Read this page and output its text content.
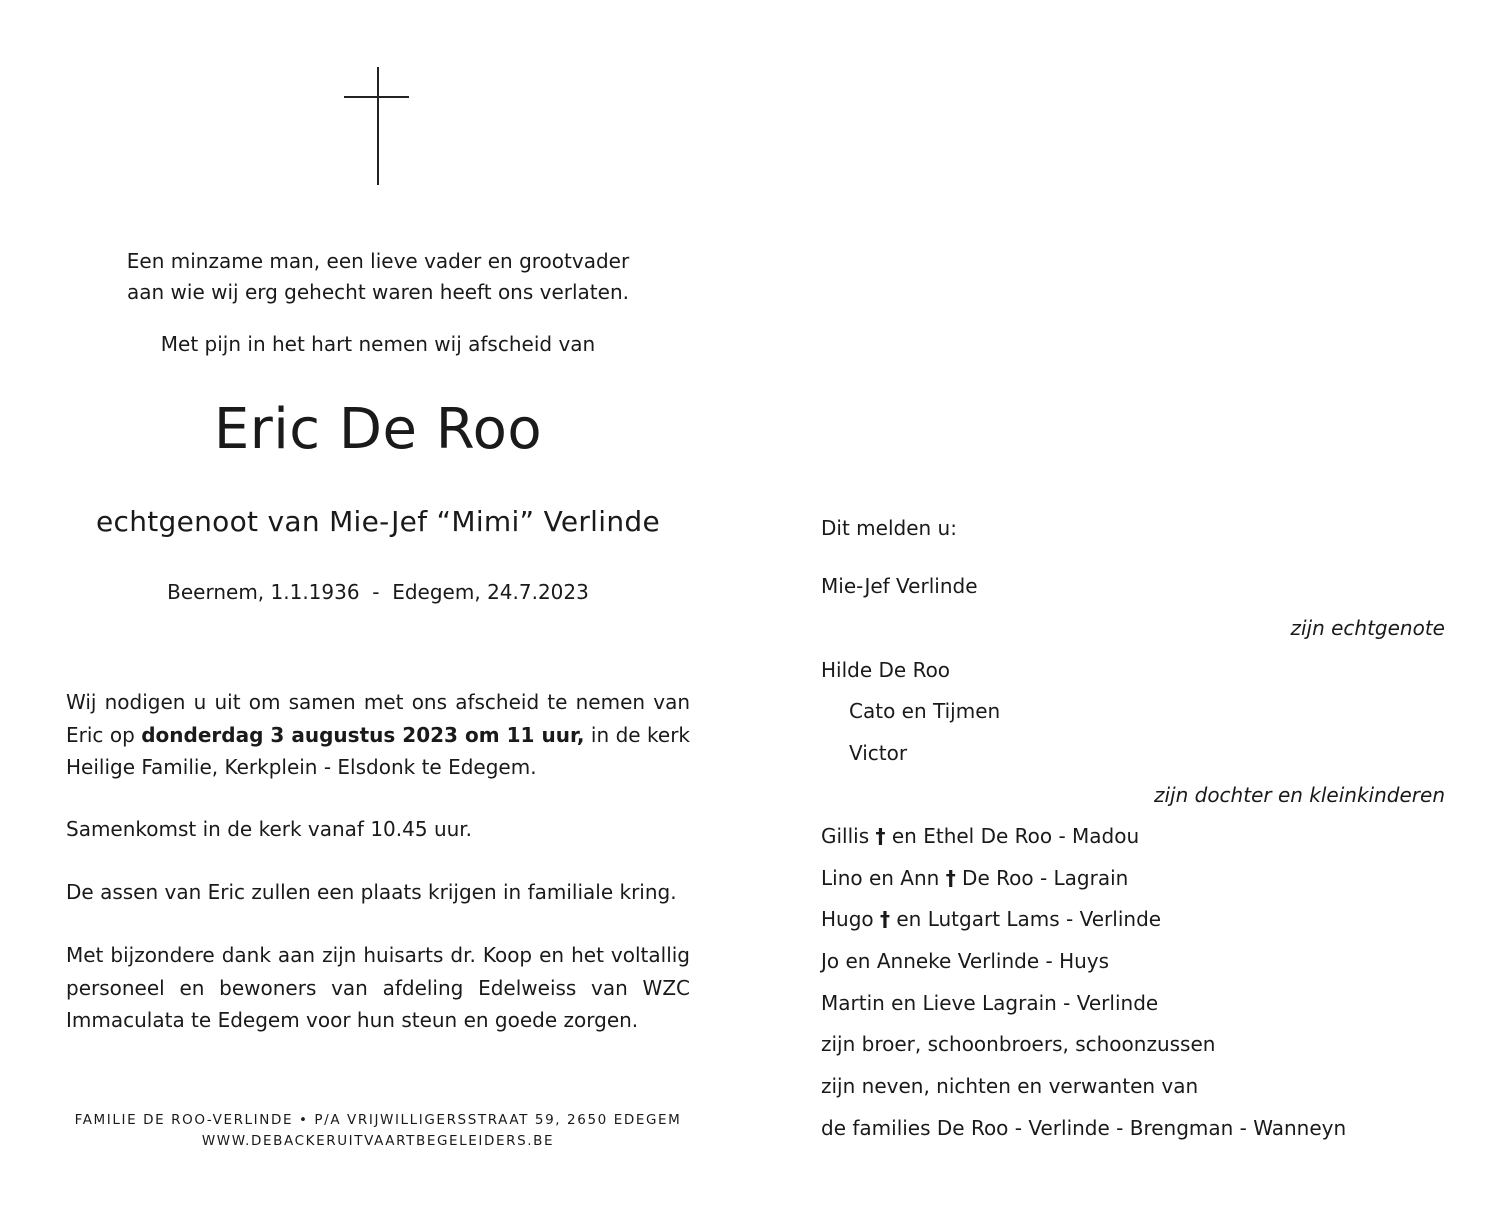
Een minzame man, een lieve vader en grootvader
aan wie wij erg gehecht waren heeft ons verlaten.
Met pijn in het hart nemen wij afscheid van
Eric De Roo
echtgenoot van Mie-Jef “Mimi” Verlinde
Beernem, 1.1.1936  -  Edegem, 24.7.2023
Wij nodigen u uit om samen met ons afscheid te nemen van Eric op donderdag 3 augustus 2023 om 11 uur, in de kerk Heilige Familie, Kerkplein - Elsdonk te Edegem.
Samenkomst in de kerk vanaf 10.45 uur.
De assen van Eric zullen een plaats krijgen in familiale kring.
Met bijzondere dank aan zijn huisarts dr. Koop en het voltallig personeel en bewoners van afdeling Edelweiss van WZC Immaculata te Edegem voor hun steun en goede zorgen.
FAMILIE DE ROO-VERLINDE • P/A VRIJWILLIGERSSTRAAT 59, 2650 EDEGEM
WWW.DEBACKERUITVAARTBEGELEIDERS.BE
Dit melden u:
Mie-Jef Verlinde
zijn echtgenote
Hilde De Roo
Cato en Tijmen
Victor
zijn dochter en kleinkinderen
Gillis † en Ethel De Roo - Madou
Lino en Ann † De Roo - Lagrain
Hugo † en Lutgart Lams - Verlinde
Jo en Anneke Verlinde - Huys
Martin en Lieve Lagrain - Verlinde
zijn broer, schoonbroers, schoonzussen
zijn neven, nichten en verwanten van
de families De Roo - Verlinde - Brengman - Wanneyn
